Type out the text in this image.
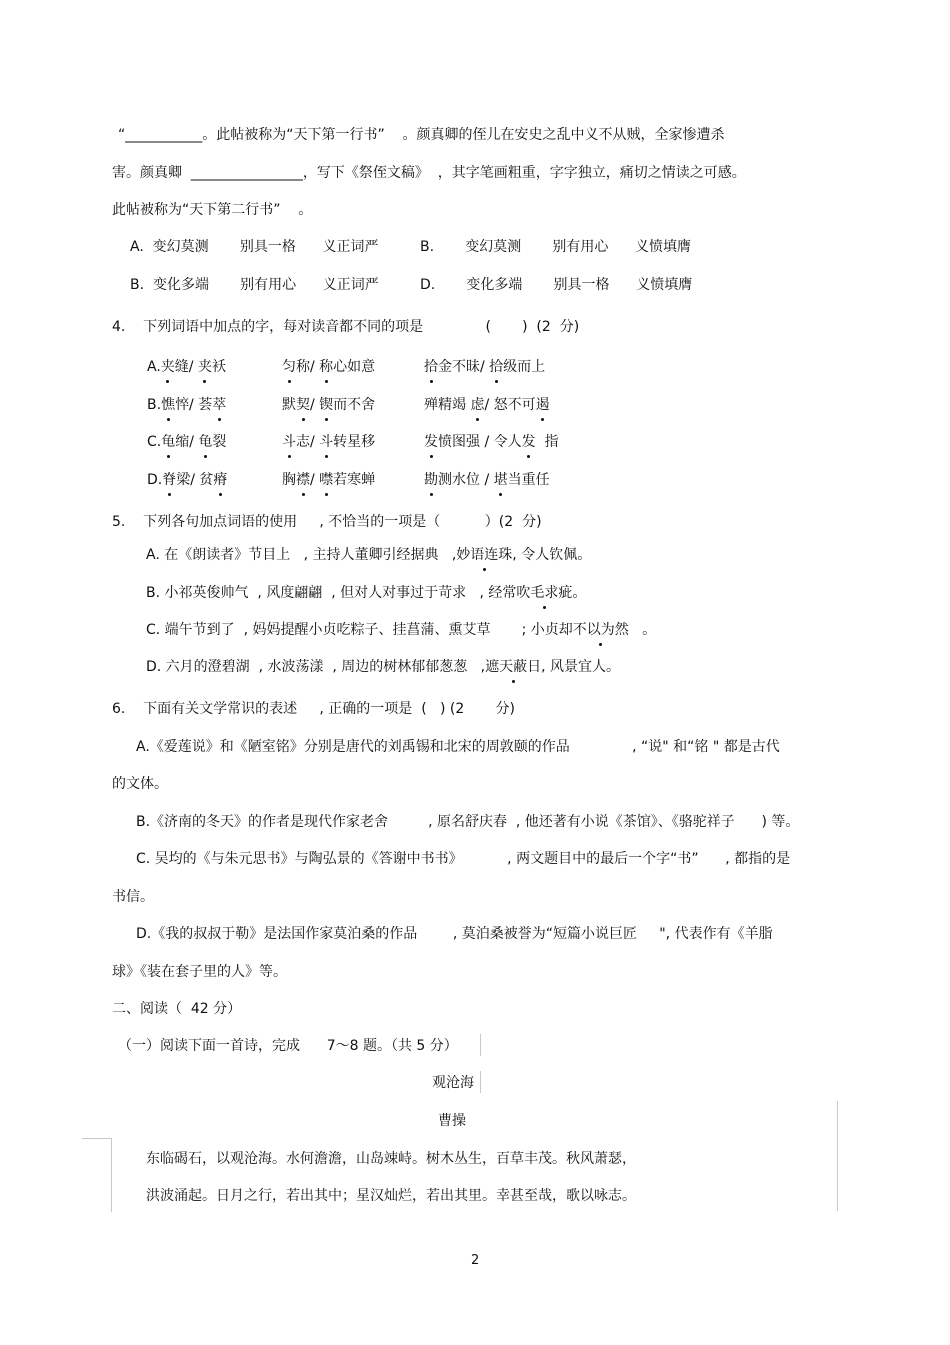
“___________。此帖被称为“天下第一行书”    。颜真卿的侄儿在安史之乱中义不从贼，全家惨遭杀
害。颜真卿  ________________，写下《祭侄文稿》  ，其字笔画粗重，字字独立，痛切之情读之可感。
此帖被称为“天下第二行书”    。
A.  变幻莫测       别具一格      义正词严	B.       变幻莫测       别有用心      义愤填膺
B.  变化多端       别有用心      义正词严	D.       变化多端       别具一格      义愤填膺
4.    下列词语中加点的字，每对读音都不同的项是              (       )  (2  分)
A.夹缝/ 夹袄	匀称/ 称心如意	拾金不昧/ 拾级而上
B.憔悴/ 荟萃	默契/ 锲而不舍	殚精竭 虑/ 怒不可遏
C.龟缩/ 龟裂	斗志/ 斗转星移	发愤图强 / 令人发  指
D.脊梁/ 贫瘠	胸襟/ 噤若寒蝉	勘测水位 / 堪当重任
5.    下列各句加点词语的使用     , 不恰当的一项是（          ）(2  分)
A. 在《朗读者》节目上   , 主持人董卿引经据典   ,妙语连珠, 令人钦佩。
B. 小祁英俊帅气  , 风度翩翩  , 但对人对事过于苛求   , 经常吹毛求疵。
C. 端午节到了  , 妈妈提醒小贞吃粽子、挂菖蒲、熏艾草       ; 小贞却不以为然   。
D. 六月的澄碧湖  , 水波荡漾  , 周边的树林郁郁葱葱   ,遮天蔽日, 风景宜人。
6.    下面有关文学常识的表述     , 正确的一项是  (   ) (2       分)
A.《爱莲说》和《陋室铭》分别是唐代的刘禹锡和北宋的周敦颐的作品              , “说" 和“铭 " 都是古代
的文体。
B.《济南的冬天》的作者是现代作家老舍         , 原名舒庆春  , 他还著有小说《茶馆》、《骆驼祥子      ) 等。
C. 吴均的《与朱元思书》与陶弘景的《答谢中书书》          , 两文题目中的最后一个字“书”      , 都指的是
书信。
D.《我的叔叔于勒》是法国作家莫泊桑的作品        , 莫泊桑被誉为“短篇小说巨匠     ", 代表作有《羊脂
球》《装在套子里的人》等。
二、阅读（  42 分）
（一）阅读下面一首诗，完成      7～8 题。（共 5 分）
观沧海
曹操
东临碣石，以观沧海。水何澹澹，山岛竦峙。树木丛生，百草丰茂。秋风萧瑟，
洪波涌起。日月之行，若出其中；星汉灿烂，若出其里。幸甚至哉，歌以咏志。
2
